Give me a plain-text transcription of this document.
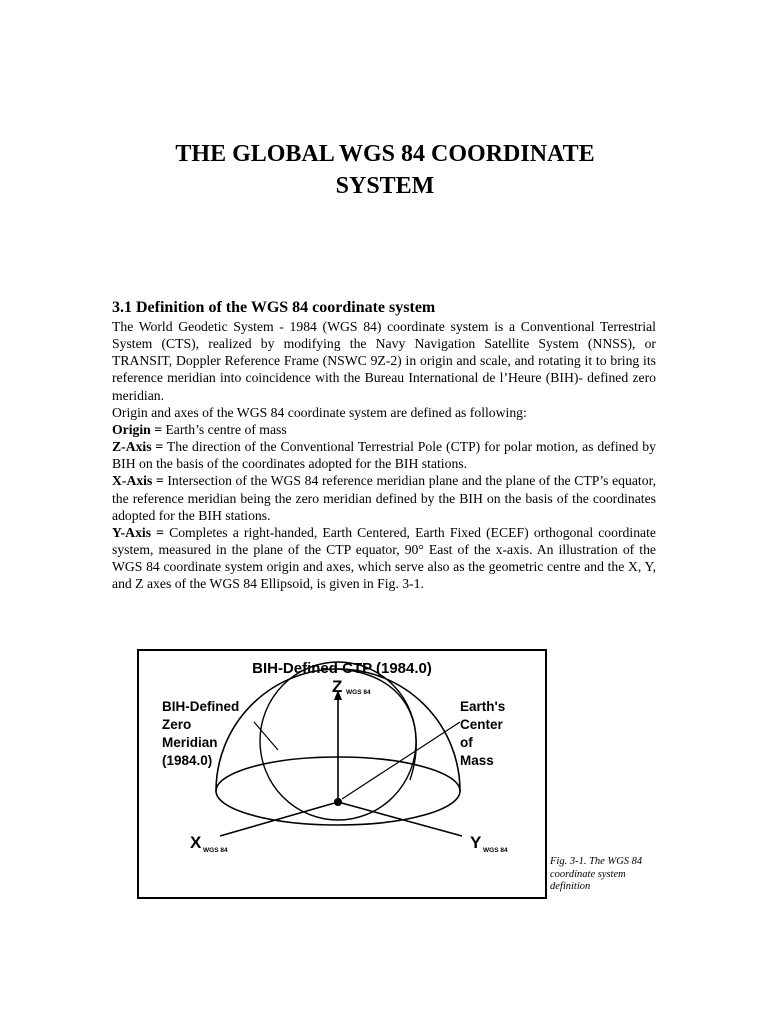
THE GLOBAL WGS 84 COORDINATE
SYSTEM
3.1 Definition of the WGS 84 coordinate system

The World Geodetic System - 1984 (WGS 84) coordinate system is a Conventional Terrestrial System (CTS), realized by modifying the Navy Navigation Satellite System (NNSS), or TRANSIT, Doppler Reference Frame (NSWC 9Z-2) in origin and scale, and rotating it to bring its reference meridian into coincidence with the Bureau International de l’Heure (BIH)- defined zero meridian.

Origin and axes of the WGS 84 coordinate system are defined as following:

Origin = Earth’s centre of mass

Z-Axis = The direction of the Conventional Terrestrial Pole (CTP) for polar motion, as defined by BIH on the basis of the coordinates adopted for the BIH stations.

X-Axis = Intersection of the WGS 84 reference meridian plane and the plane of the CTP’s equator, the reference meridian being the zero meridian defined by the BIH on the basis of the coordinates adopted for the BIH stations.

Y-Axis = Completes a right-handed, Earth Centered, Earth Fixed (ECEF) orthogonal coordinate system, measured in the plane of the CTP equator, 90° East of the x-axis. An illustration of the WGS 84 coordinate system origin and axes, which serve also as the geometric centre and the X, Y, and Z axes of the WGS 84 Ellipsoid, is given in Fig. 3-1.

BIH-Defined CTP (1984.0)
Z WGS 84
X WGS 84	Y WGS 84
BIH-Defined Zero Meridian (1984.0)
Earth's Center of Mass
Fig. 3-1. The WGS 84 coordinate system definition
